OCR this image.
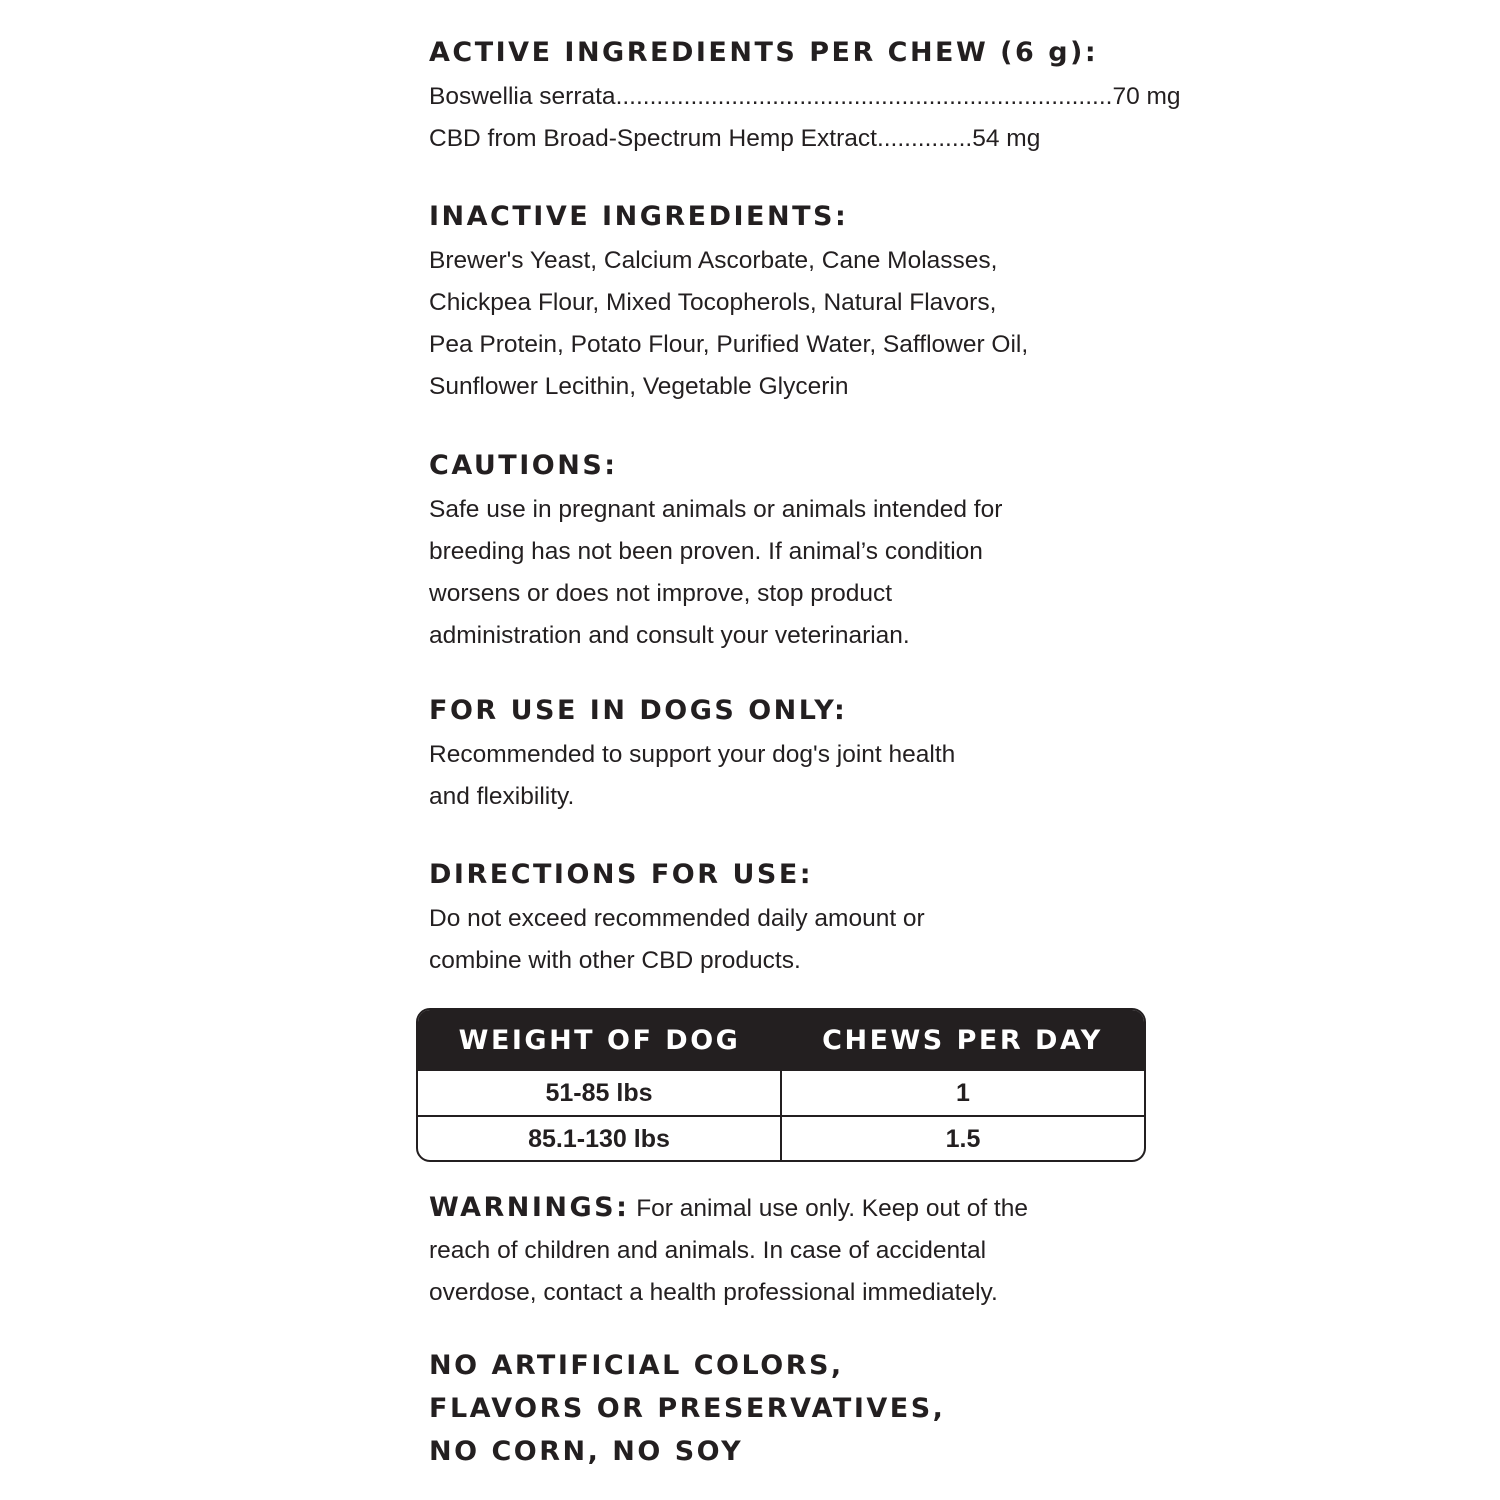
ACTIVE INGREDIENTS PER CHEW (6 g):
Boswellia serrata.........................................................................70 mg
CBD from Broad-Spectrum Hemp Extract..............54 mg
INACTIVE INGREDIENTS:
Brewer's Yeast, Calcium Ascorbate, Cane Molasses,
Chickpea Flour, Mixed Tocopherols, Natural Flavors,
Pea Protein, Potato Flour, Purified Water, Safflower Oil,
Sunflower Lecithin, Vegetable Glycerin
CAUTIONS:
Safe use in pregnant animals or animals intended for
breeding has not been proven. If animal’s condition
worsens or does not improve, stop product
administration and consult your veterinarian.
FOR USE IN DOGS ONLY:
Recommended to support your dog's joint health
and flexibility.
DIRECTIONS FOR USE:
Do not exceed recommended daily amount or
combine with other CBD products.
WEIGHT OF DOG	CHEWS PER DAY
51-85 lbs	1
85.1-130 lbs	1.5
WARNINGS: For animal use only. Keep out of the
reach of children and animals. In case of accidental
overdose, contact a health professional immediately.
NO ARTIFICIAL COLORS,
FLAVORS OR PRESERVATIVES,
NO CORN, NO SOY
